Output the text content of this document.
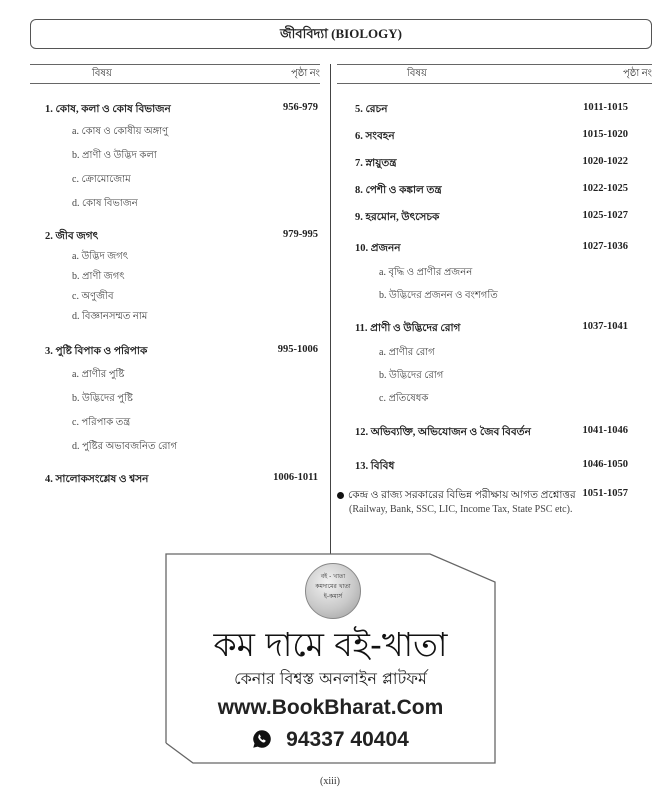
জীববিদ্যা (BIOLOGY)
বিষয়	পৃষ্ঠা নং
1. কোষ, কলা ও কোষ বিভাজন	956-979
a. কোষ ও কোষীয় অঙ্গাণু
b. প্রাণী ও উদ্ভিদ কলা
c. ক্রোমোজোম
d. কোষ বিভাজন
2. জীব জগৎ	979-995
a. উদ্ভিদ জগৎ
b. প্রাণী জগৎ
c. অণুজীব
d. বিজ্ঞানসম্মত নাম
3. পুষ্টি বিপাক ও পরিপাক	995-1006
a. প্রাণীর পুষ্টি
b. উদ্ভিদের পুষ্টি
c. পরিপাক তন্ত্র
d. পুষ্টির অভাবজনিত রোগ
4. সালোকসংশ্লেষ ও শ্বসন	1006-1011
বিষয়	পৃষ্ঠা নং
5. রেচন	1011-1015
6. সংবহন	1015-1020
7. স্নায়ুতন্ত্র	1020-1022
8. পেশী ও কঙ্কাল তন্ত্র	1022-1025
9. হরমোন, উৎসেচক	1025-1027
10. প্রজনন	1027-1036
a. বৃদ্ধি ও প্রাণীর প্রজনন
b. উদ্ভিদের প্রজনন ও বংশগতি
11. প্রাণী ও উদ্ভিদের রোগ	1037-1041
a. প্রাণীর রোগ
b. উদ্ভিদের রোগ
c. প্রতিষেধক
12. অভিব্যক্তি, অভিযোজন ও জৈব বিবর্তন	1041-1046
13. বিবিধ	1046-1050
কেন্দ্র ও রাজ্য সরকারের বিভিন্ন পরীক্ষায় আগত প্রশ্নোত্তর 1051-1057
(Railway, Bank, SSC, LIC, Income Tax, State PSC etc).
বই - খাতা
কমদামের খাতা
ই-কমার্স
কম দামে বই-খাতা
কেনার বিশ্বস্ত অনলাইন প্লাটফর্ম
www.BookBharat.Com
94337 40404
(xiii)
